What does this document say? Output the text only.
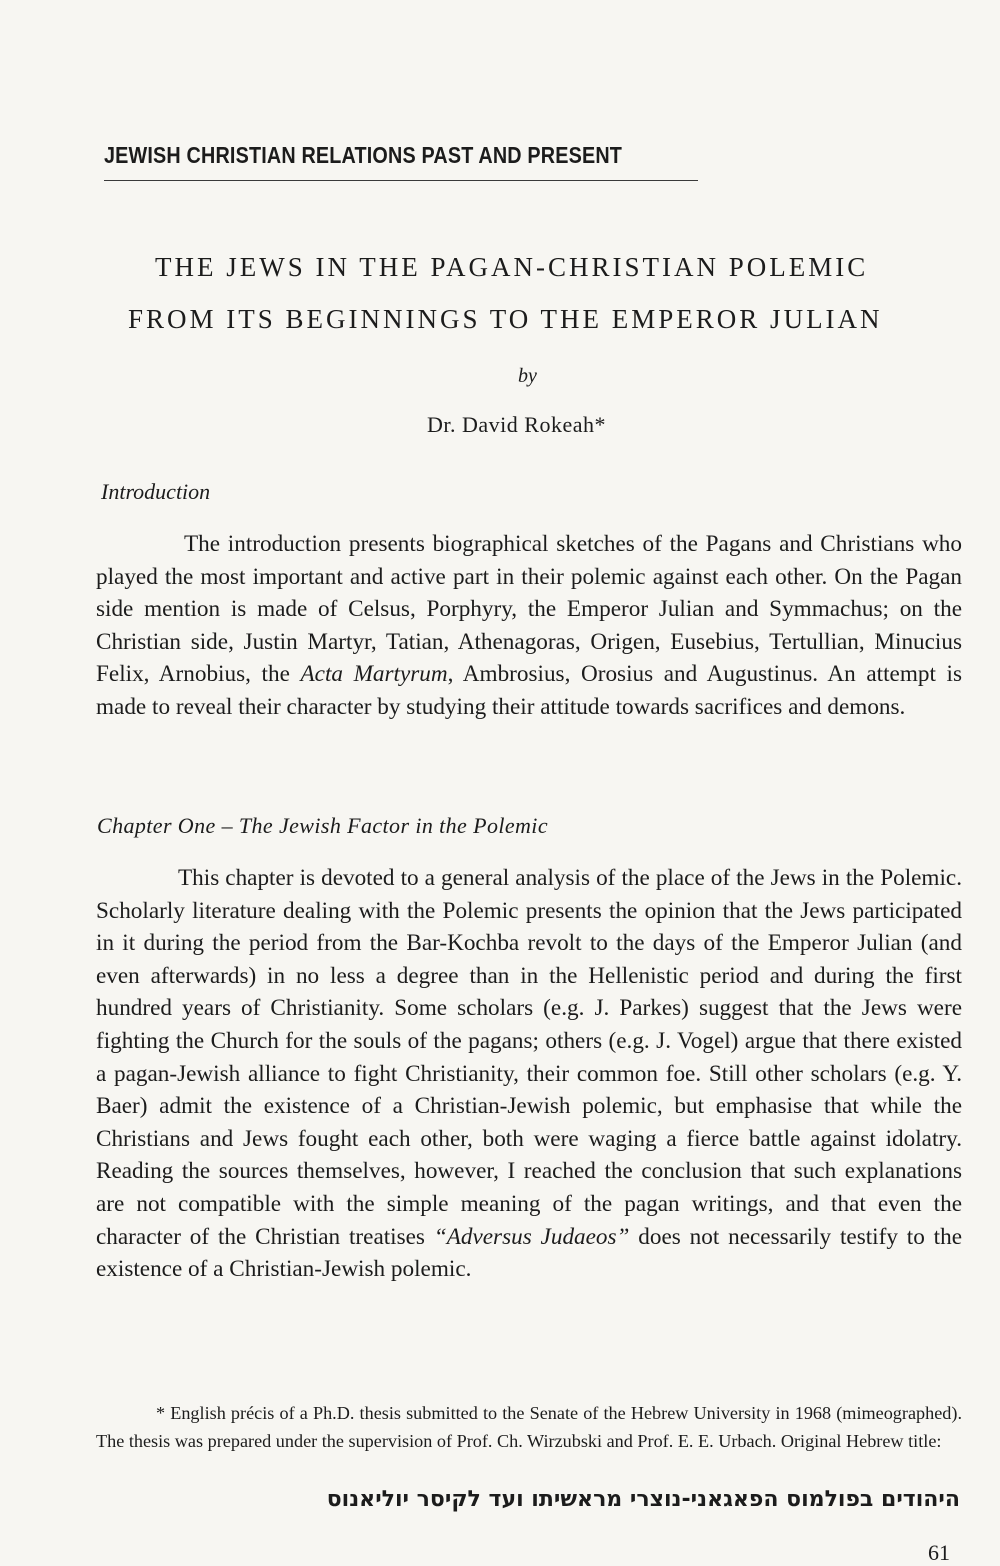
JEWISH CHRISTIAN RELATIONS PAST AND PRESENT
THE JEWS IN THE PAGAN-CHRISTIAN POLEMIC
FROM ITS BEGINNINGS TO THE EMPEROR JULIAN
by
Dr. David Rokeah*
Introduction

The introduction presents biographical sketches of the Pagans and Christians who played the most important and active part in their polemic against each other. On the Pagan side mention is made of Celsus, Porphyry, the Emperor Julian and Symmachus; on the Christian side, Justin Martyr, Tatian, Athenagoras, Origen, Eusebius, Tertullian, Minucius Felix, Arnobius, the Acta Martyrum, Ambrosius, Orosius and Augustinus. An attempt is made to reveal their character by studying their attitude towards sacrifices and demons.

Chapter One – The Jewish Factor in the Polemic

This chapter is devoted to a general analysis of the place of the Jews in the Polemic. Scholarly literature dealing with the Polemic presents the opinion that the Jews participated in it during the period from the Bar-Kochba revolt to the days of the Emperor Julian (and even afterwards) in no less a degree than in the Hellenistic period and during the first hundred years of Christianity. Some scholars (e.g. J. Parkes) suggest that the Jews were fighting the Church for the souls of the pagans; others (e.g. J. Vogel) argue that there existed a pagan-Jewish alliance to fight Christianity, their common foe. Still other scholars (e.g. Y. Baer) admit the existence of a Christian-Jewish polemic, but emphasise that while the Christians and Jews fought each other, both were waging a fierce battle against idolatry. Reading the sources themselves, however, I reached the conclusion that such explanations are not compatible with the simple meaning of the pagan writings, and that even the character of the Christian treatises “Adversus Judaeos” does not necessarily testify to the existence of a Christian-Jewish polemic.

* English précis of a Ph.D. thesis submitted to the Senate of the Hebrew University in 1968 (mimeographed). The thesis was prepared under the supervision of Prof. Ch. Wirzubski and Prof. E. E. Urbach. Original Hebrew title:

היהודים בפולמוס הפאגאני-נוצרי מראשיתו ועד לקיסר יוליאנוס
61
